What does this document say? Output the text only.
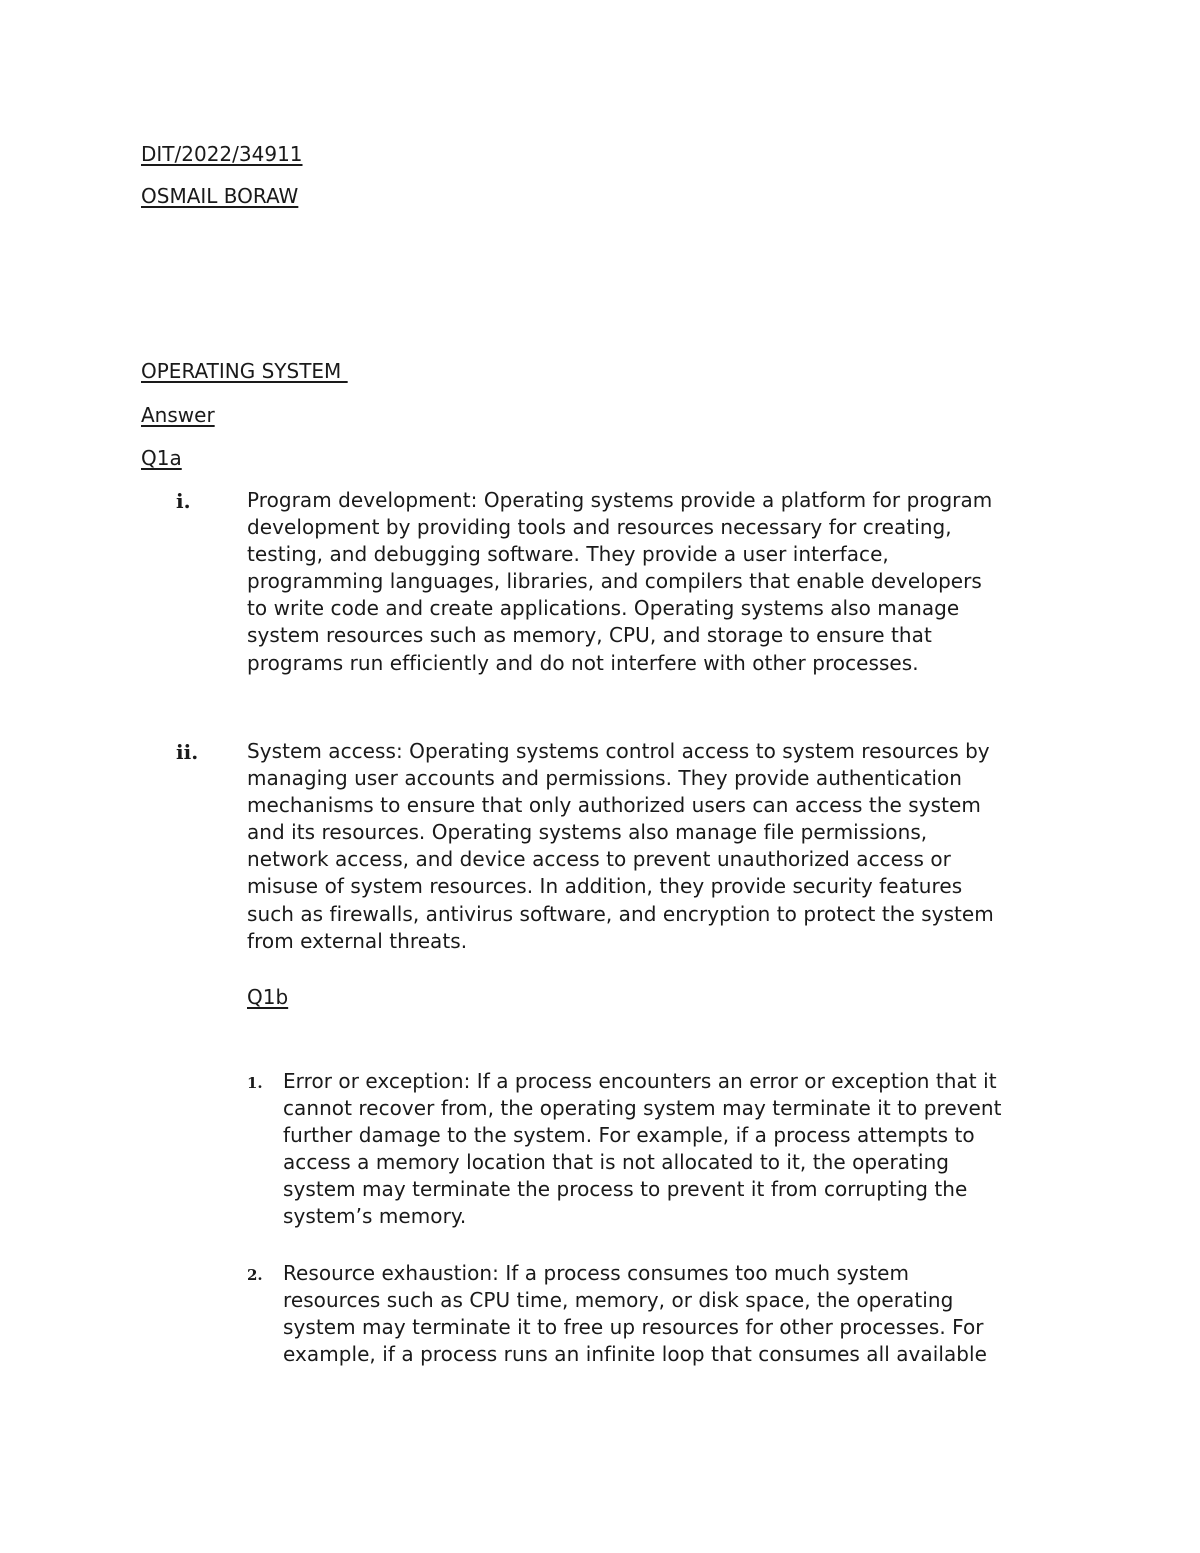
DIT/2022/34911
OSMAIL BORAW
OPERATING SYSTEM
Answer
Q1a
i.	Program development: Operating systems provide a platform for program
development by providing tools and resources necessary for creating,
testing, and debugging software. They provide a user interface,
programming languages, libraries, and compilers that enable developers
to write code and create applications. Operating systems also manage
system resources such as memory, CPU, and storage to ensure that
programs run efficiently and do not interfere with other processes.
ii. System access: Operating systems control access to system resources by
managing user accounts and permissions. They provide authentication
mechanisms to ensure that only authorized users can access the system
and its resources. Operating systems also manage file permissions,
network access, and device access to prevent unauthorized access or
misuse of system resources. In addition, they provide security features
such as firewalls, antivirus software, and encryption to protect the system
from external threats.
Q1b
1. Error or exception: If a process encounters an error or exception that it
cannot recover from, the operating system may terminate it to prevent
further damage to the system. For example, if a process attempts to
access a memory location that is not allocated to it, the operating
system may terminate the process to prevent it from corrupting the
system’s memory.
2. Resource exhaustion: If a process consumes too much system
resources such as CPU time, memory, or disk space, the operating
system may terminate it to free up resources for other processes. For
example, if a process runs an infinite loop that consumes all available
